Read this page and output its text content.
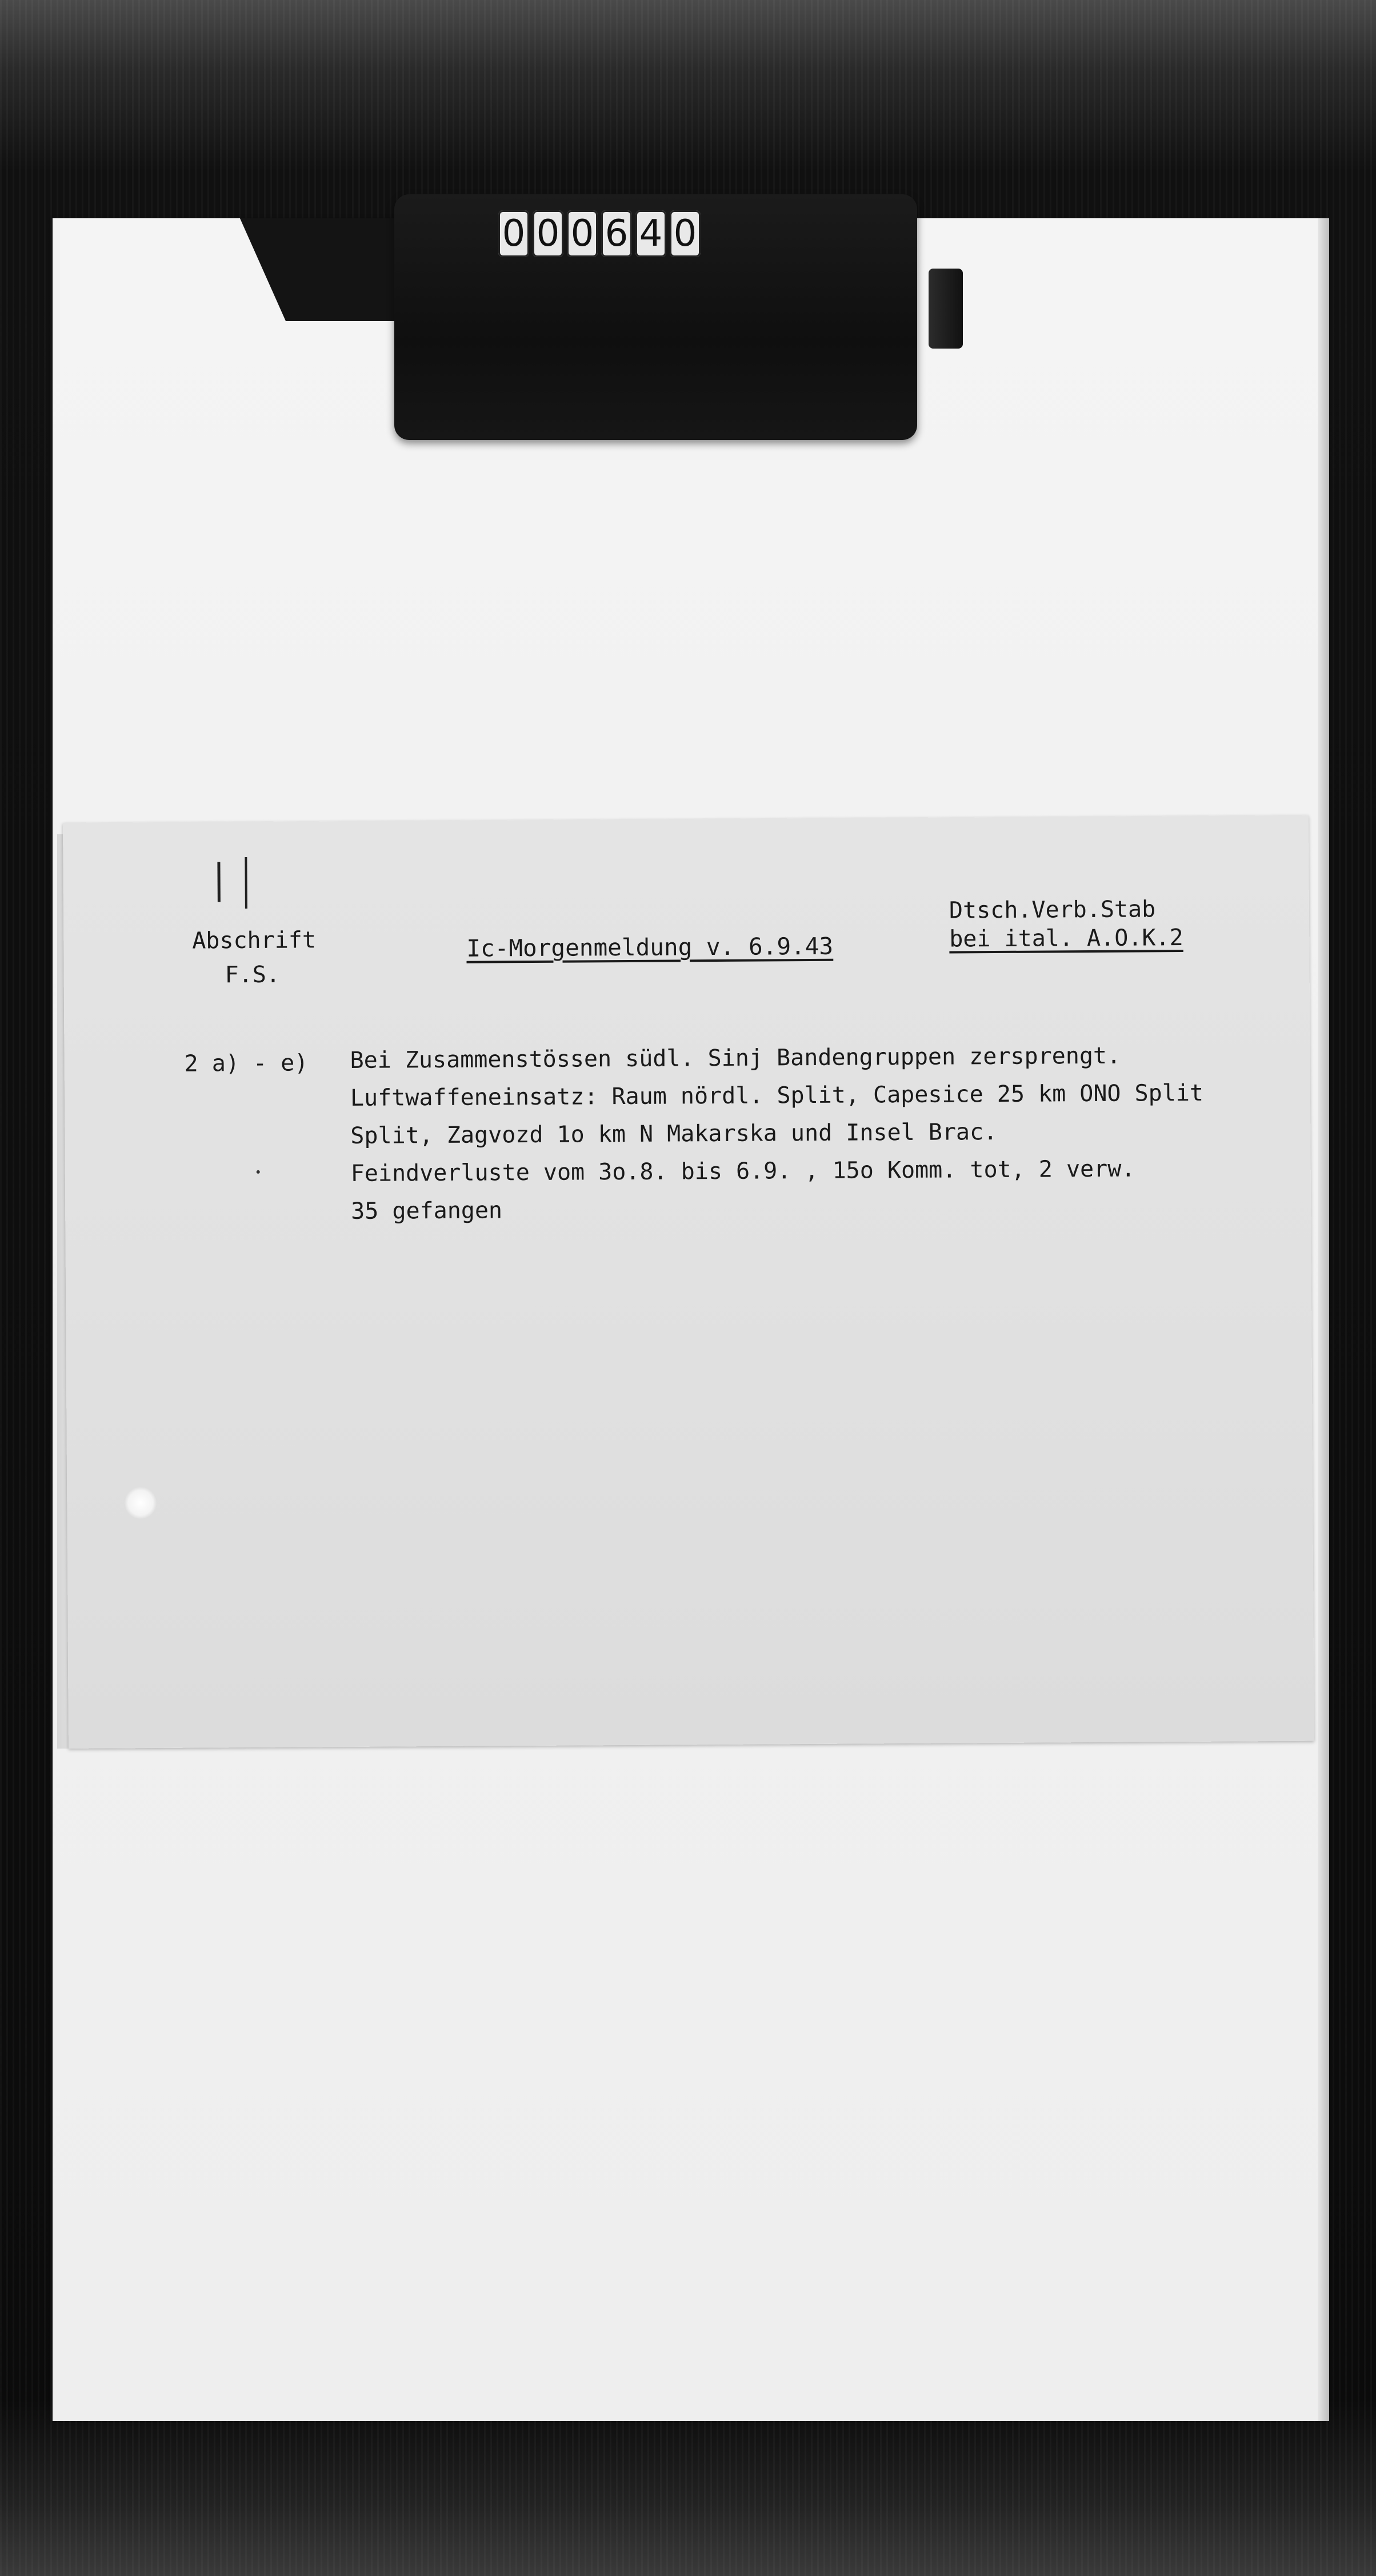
0 0 0 6 4 0
Abschrift
F.S.
Ic-Morgenmeldung v. 6.9.43
Dtsch.Verb.Stab
bei ital. A.O.K.2
2 a) - e) Bei Zusammenstössen südl. Sinj Bandengruppen zersprengt.
Luftwaffeneinsatz: Raum nördl. Split, Capesice 25 km ONO Split
Split, Zagvozd 1o km N Makarska und Insel Brac.
Feindverluste vom 3o.8. bis 6.9. , 15o Komm. tot, 2 verw.
35 gefangen
